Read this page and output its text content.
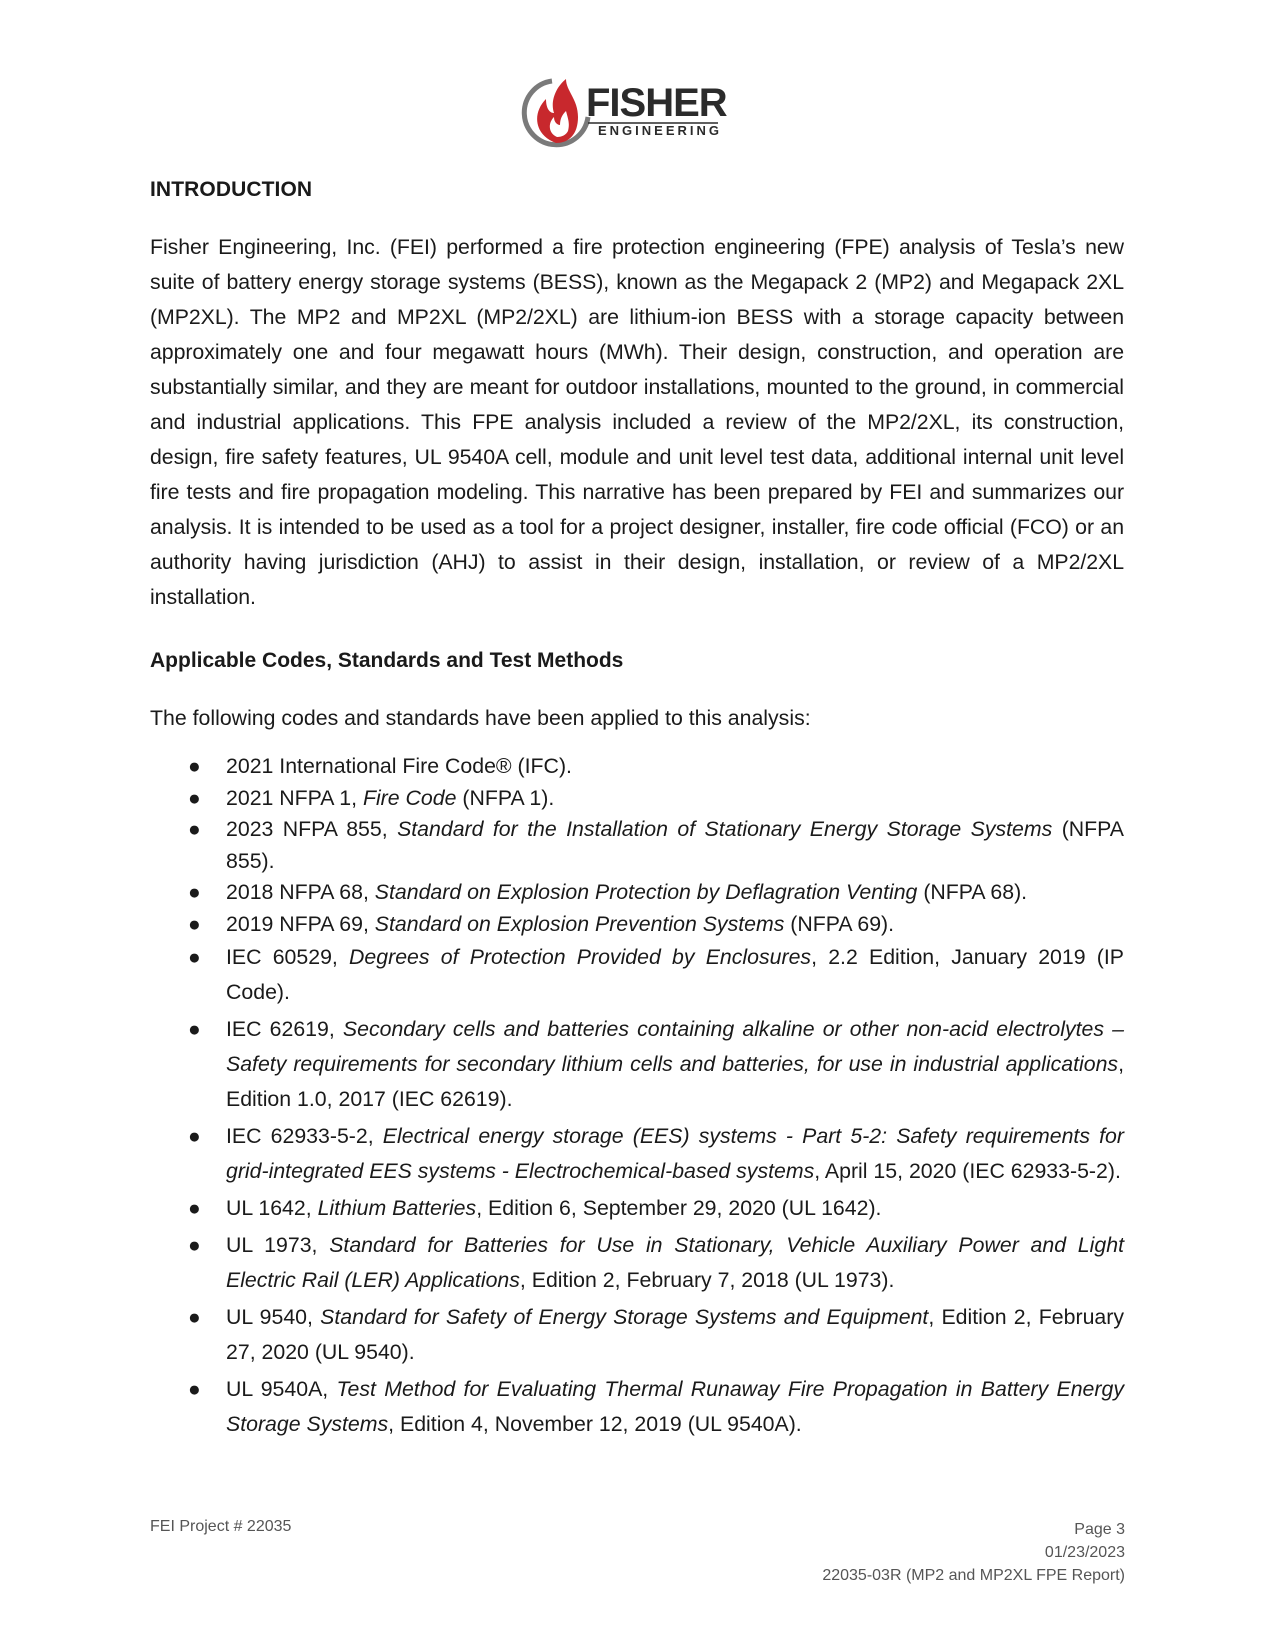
FISHER
ENGINEERING
INTRODUCTION

Fisher Engineering, Inc. (FEI) performed a fire protection engineering (FPE) analysis of Tesla’s new suite of battery energy storage systems (BESS), known as the Megapack 2 (MP2) and Megapack 2XL (MP2XL). The MP2 and MP2XL (MP2/2XL) are lithium-ion BESS with a storage capacity between approximately one and four megawatt hours (MWh). Their design, construction, and operation are substantially similar, and they are meant for outdoor installations, mounted to the ground, in commercial and industrial applications. This FPE analysis included a review of the MP2/2XL, its construction, design, fire safety features, UL 9540A cell, module and unit level test data, additional internal unit level fire tests and fire propagation modeling. This narrative has been prepared by FEI and summarizes our analysis. It is intended to be used as a tool for a project designer, installer, fire code official (FCO) or an authority having jurisdiction (AHJ) to assist in their design, installation, or review of a MP2/2XL installation.

Applicable Codes, Standards and Test Methods

The following codes and standards have been applied to this analysis:

● 2021 International Fire Code® (IFC).
● 2021 NFPA 1, Fire Code (NFPA 1).
● 2023 NFPA 855, Standard for the Installation of Stationary Energy Storage Systems (NFPA 855).
● 2018 NFPA 68, Standard on Explosion Protection by Deflagration Venting (NFPA 68).
● 2019 NFPA 69, Standard on Explosion Prevention Systems (NFPA 69).
● IEC 60529, Degrees of Protection Provided by Enclosures, 2.2 Edition, January 2019 (IP Code).
● IEC 62619, Secondary cells and batteries containing alkaline or other non-acid electrolytes – Safety requirements for secondary lithium cells and batteries, for use in industrial applications, Edition 1.0, 2017 (IEC 62619).
● IEC 62933-5-2, Electrical energy storage (EES) systems - Part 5-2: Safety requirements for grid-integrated EES systems - Electrochemical-based systems, April 15, 2020 (IEC 62933-5-2).
● UL 1642, Lithium Batteries, Edition 6, September 29, 2020 (UL 1642).
● UL 1973, Standard for Batteries for Use in Stationary, Vehicle Auxiliary Power and Light Electric Rail (LER) Applications, Edition 2, February 7, 2018 (UL 1973).
● UL 9540, Standard for Safety of Energy Storage Systems and Equipment, Edition 2, February 27, 2020 (UL 9540).
● UL 9540A, Test Method for Evaluating Thermal Runaway Fire Propagation in Battery Energy Storage Systems, Edition 4, November 12, 2019 (UL 9540A).
FEI Project # 22035	Page 3
01/23/2023
22035-03R (MP2 and MP2XL FPE Report)
